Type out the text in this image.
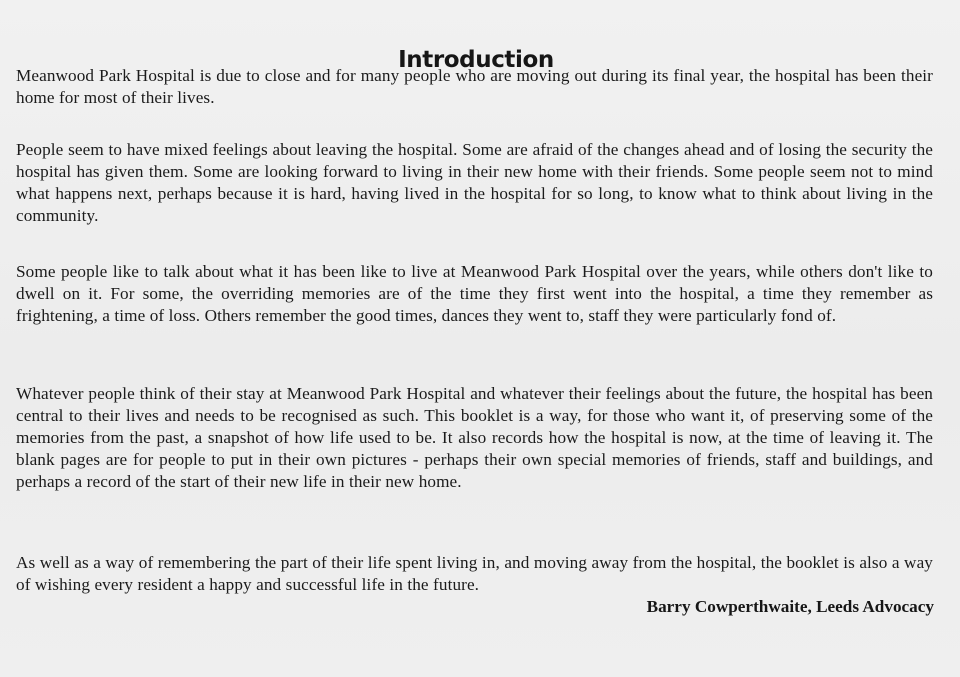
Introduction

Meanwood Park Hospital is due to close and for many people who are moving out during its final year, the hospital has been their home for most of their lives.

People seem to have mixed feelings about leaving the hospital. Some are afraid of the changes ahead and of losing the security the hospital has given them. Some are looking forward to living in their new home with their friends. Some people seem not to mind what happens next, perhaps because it is hard, having lived in the hospital for so long, to know what to think about living in the community.

Some people like to talk about what it has been like to live at Meanwood Park Hospital over the years, while others don't like to dwell on it. For some, the overriding memories are of the time they first went into the hospital, a time they remember as frightening, a time of loss. Others remember the good times, dances they went to, staff they were particularly fond of.

Whatever people think of their stay at Meanwood Park Hospital and whatever their feelings about the future, the hospital has been central to their lives and needs to be recognised as such. This booklet is a way, for those who want it, of preserving some of the memories from the past, a snapshot of how life used to be. It also records how the hospital is now, at the time of leaving it. The blank pages are for people to put in their own pictures - perhaps their own special memories of friends, staff and buildings, and perhaps a record of the start of their new life in their new home.

As well as a way of remembering the part of their life spent living in, and moving away from the hospital, the booklet is also a way of wishing every resident a happy and successful life in the future.

Barry Cowperthwaite, Leeds Advocacy
